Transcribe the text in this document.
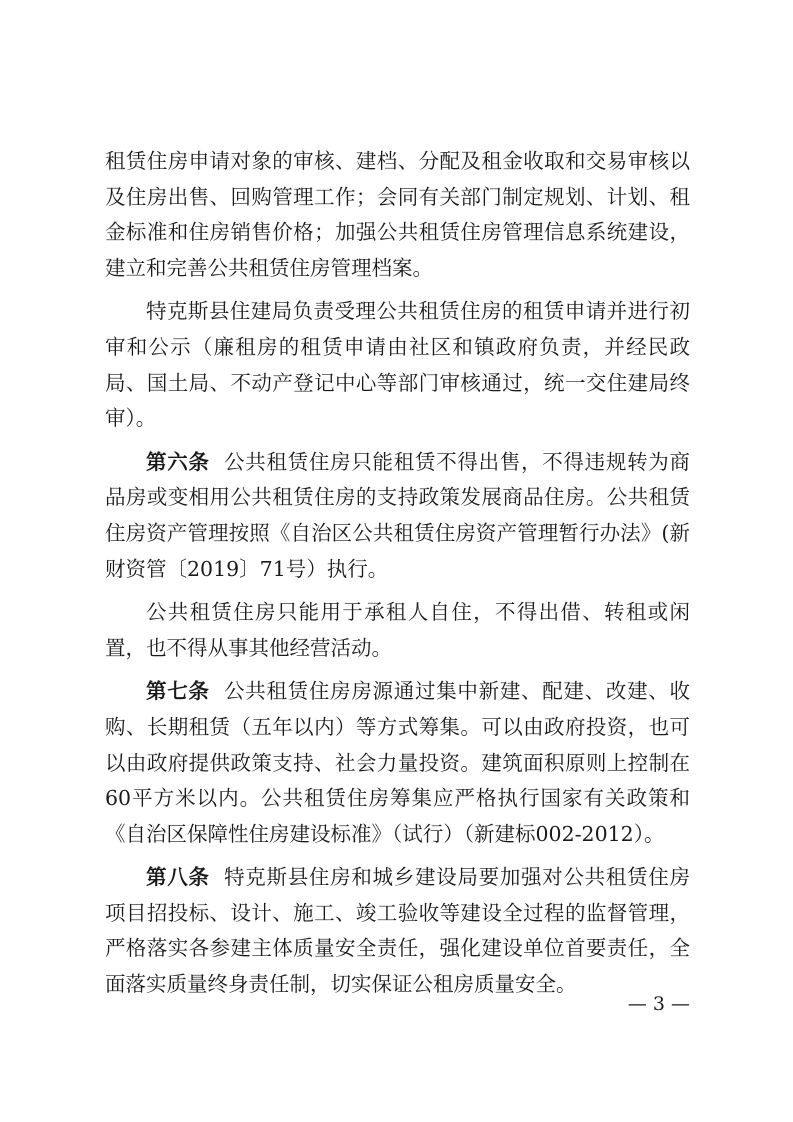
租赁住房申请对象的审核、建档、分配及租金收取和交易审核以及住房出售、回购管理工作；会同有关部门制定规划、计划、租金标准和住房销售价格；加强公共租赁住房管理信息系统建设，建立和完善公共租赁住房管理档案。

特克斯县住建局负责受理公共租赁住房的租赁申请并进行初审和公示（廉租房的租赁申请由社区和镇政府负责，并经民政局、国土局、不动产登记中心等部门审核通过，统一交住建局终审）。

第六条 公共租赁住房只能租赁不得出售，不得违规转为商品房或变相用公共租赁住房的支持政策发展商品住房。公共租赁住房资产管理按照《自治区公共租赁住房资产管理暂行办法》(新财资管〔2019〕71号）执行。

公共租赁住房只能用于承租人自住，不得出借、转租或闲置，也不得从事其他经营活动。

第七条 公共租赁住房房源通过集中新建、配建、改建、收购、长期租赁（五年以内）等方式筹集。可以由政府投资，也可以由政府提供政策支持、社会力量投资。建筑面积原则上控制在60平方米以内。公共租赁住房筹集应严格执行国家有关政策和《自治区保障性住房建设标准》（试行）（新建标002-2012）。

第八条 特克斯县住房和城乡建设局要加强对公共租赁住房项目招投标、设计、施工、竣工验收等建设全过程的监督管理，严格落实各参建主体质量安全责任，强化建设单位首要责任，全面落实质量终身责任制，切实保证公租房质量安全。

— 3 —
